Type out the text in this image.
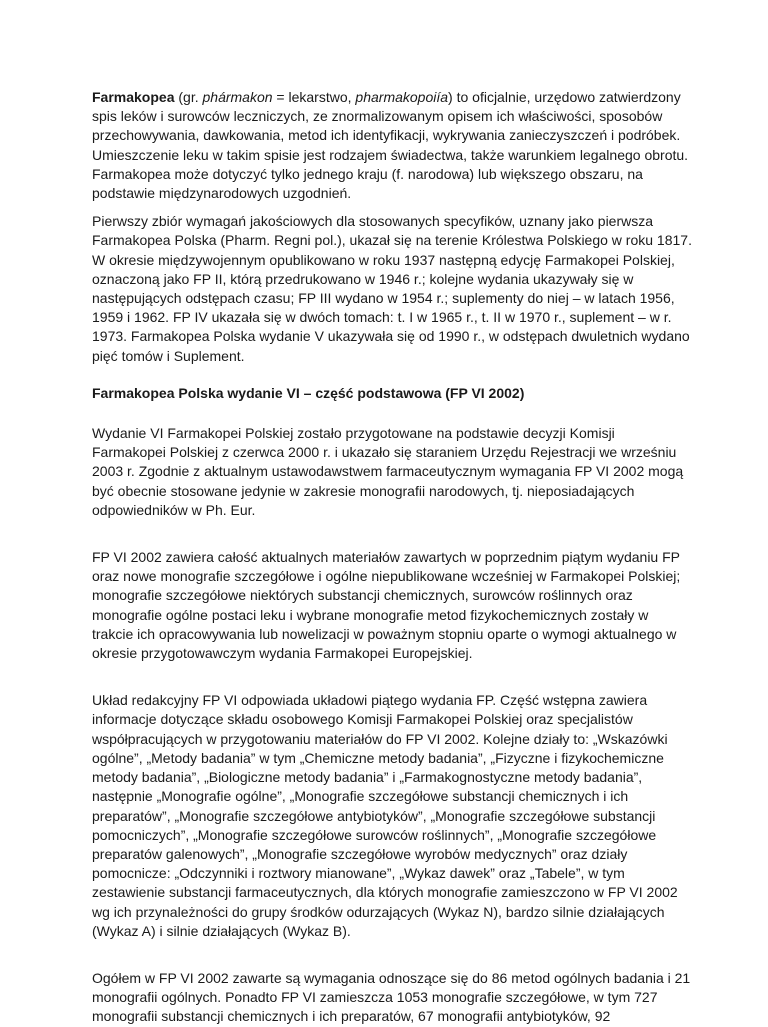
Farmakopea (gr. phármakon = lekarstwo, pharmakopoiía) to oficjalnie, urzędowo zatwierdzony spis leków i surowców leczniczych, ze znormalizowanym opisem ich właściwości, sposobów przechowywania, dawkowania, metod ich identyfikacji, wykrywania zanieczyszczeń i podróbek. Umieszczenie leku w takim spisie jest rodzajem świadectwa, także warunkiem legalnego obrotu. Farmakopea może dotyczyć tylko jednego kraju (f. narodowa) lub większego obszaru, na podstawie międzynarodowych uzgodnień.

Pierwszy zbiór wymagań jakościowych dla stosowanych specyfików, uznany jako pierwsza Farmakopea Polska (Pharm. Regni pol.), ukazał się na terenie Królestwa Polskiego w roku 1817. W okresie międzywojennym opublikowano w roku 1937 następną edycję Farmakopei Polskiej, oznaczoną jako FP II, którą przedrukowano w 1946 r.; kolejne wydania ukazywały się w następujących odstępach czasu; FP III wydano w 1954 r.; suplementy do niej – w latach 1956, 1959 i 1962. FP IV ukazała się w dwóch tomach: t. I w 1965 r., t. II w 1970 r., suplement – w r. 1973. Farmakopea Polska wydanie V ukazywała się od 1990 r., w odstępach dwuletnich wydano pięć tomów i Suplement.

Farmakopea Polska wydanie VI – część podstawowa (FP VI 2002)

Wydanie VI Farmakopei Polskiej zostało przygotowane na podstawie decyzji Komisji Farmakopei Polskiej z czerwca 2000 r. i ukazało się staraniem Urzędu Rejestracji we wrześniu 2003 r. Zgodnie z aktualnym ustawodawstwem farmaceutycznym wymagania FP VI 2002 mogą być obecnie stosowane jedynie w zakresie monografii narodowych, tj. nieposiadających odpowiedników w Ph. Eur.

FP VI 2002 zawiera całość aktualnych materiałów zawartych w poprzednim piątym wydaniu FP oraz nowe monografie szczegółowe i ogólne niepublikowane wcześniej w Farmakopei Polskiej; monografie szczegółowe niektórych substancji chemicznych, surowców roślinnych oraz monografie ogólne postaci leku i wybrane monografie metod fizykochemicznych zostały w trakcie ich opracowywania lub nowelizacji w poważnym stopniu oparte o wymogi aktualnego w okresie przygotowawczym wydania Farmakopei Europejskiej.

Układ redakcyjny FP VI odpowiada układowi piątego wydania FP. Część wstępna zawiera informacje dotyczące składu osobowego Komisji Farmakopei Polskiej oraz specjalistów współpracujących w przygotowaniu materiałów do FP VI 2002. Kolejne działy to: „Wskazówki ogólne”, „Metody badania” w tym „Chemiczne metody badania”, „Fizyczne i fizykochemiczne metody badania”, „Biologiczne metody badania” i „Farmakognostyczne metody badania”, następnie „Monografie ogólne”, „Monografie szczegółowe substancji chemicznych i ich preparatów”, „Monografie szczegółowe antybiotyków”, „Monografie szczegółowe substancji pomocniczych”, „Monografie szczegółowe surowców roślinnych”, „Monografie szczegółowe preparatów galenowych”, „Monografie szczegółowe wyrobów medycznych” oraz działy pomocnicze: „Odczynniki i roztwory mianowane”, „Wykaz dawek” oraz „Tabele”, w tym zestawienie substancji farmaceutycznych, dla których monografie zamieszczono w FP VI 2002 wg ich przynależności do grupy środków odurzających (Wykaz N), bardzo silnie działających (Wykaz A) i silnie działających (Wykaz B).

Ogółem w FP VI 2002 zawarte są wymagania odnoszące się do 86 metod ogólnych badania i 21 monografii ogólnych. Ponadto FP VI zamieszcza 1053 monografie szczegółowe, w tym 727 monografii substancji chemicznych i ich preparatów, 67 monografii antybiotyków, 92
